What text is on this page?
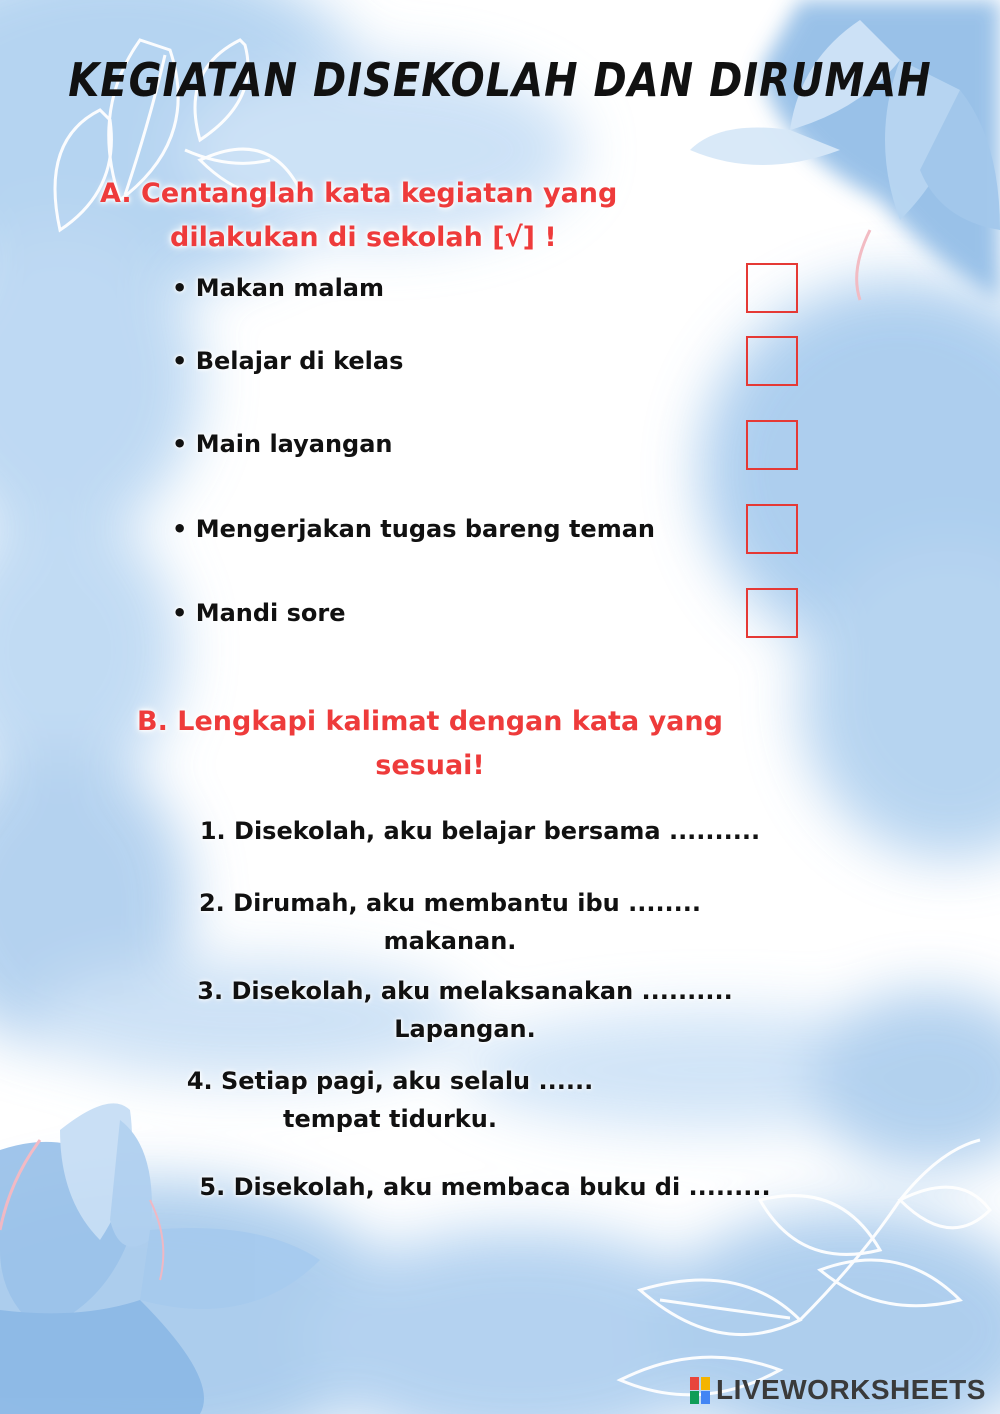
KEGIATAN DISEKOLAH DAN DIRUMAH
A. Centanglah kata kegiatan yang
dilakukan di sekolah [√] !
• Makan malam
• Belajar di kelas
• Main layangan
• Mengerjakan tugas bareng teman
• Mandi sore
B. Lengkapi kalimat dengan kata yang
sesuai!
1. Disekolah, aku belajar bersama ..........
2. Dirumah, aku membantu ibu ........
makanan.
3. Disekolah, aku melaksanakan ..........
Lapangan.
4. Setiap pagi, aku selalu ......
tempat tidurku.
5. Disekolah, aku membaca buku di .........
LIVEWORKSHEETS
